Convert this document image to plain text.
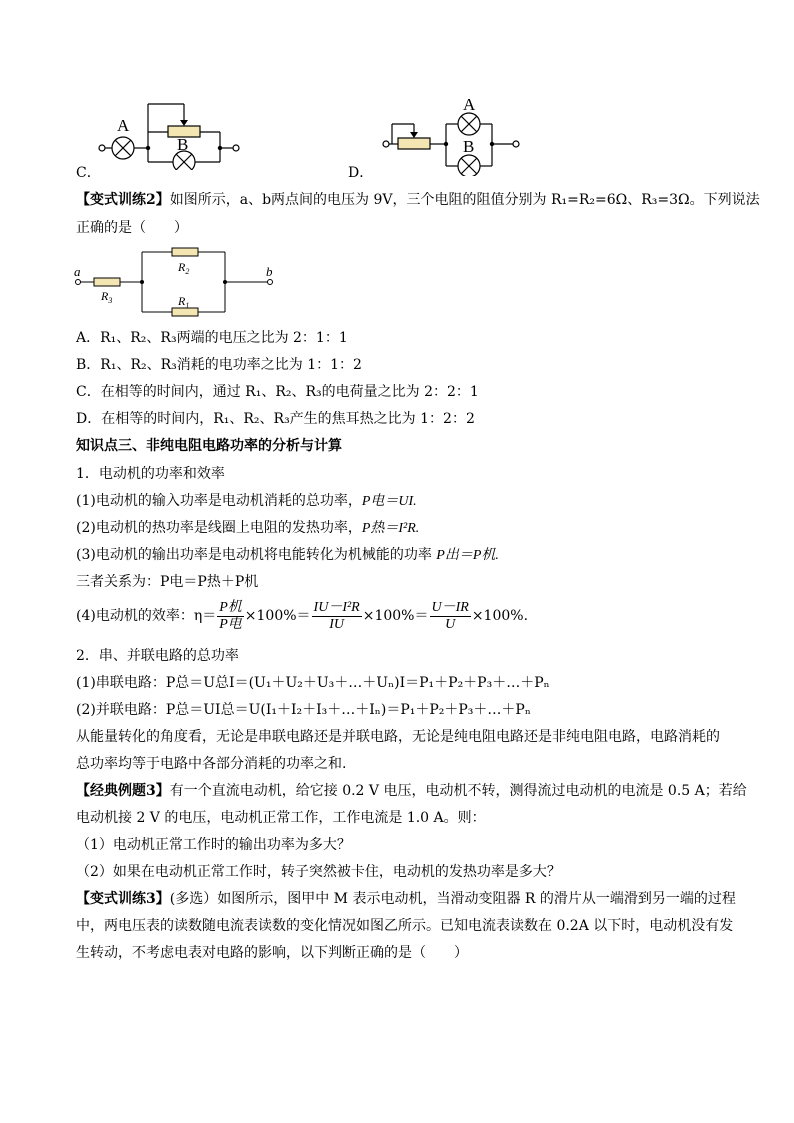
A
B
C．
A
B
D．
【变式训练2】如图所示，a、b两点间的电压为 9V，三个电阻的阻值分别为 R₁=R₂=6Ω、R₃=3Ω。下列说法
正确的是（　　）
a	b
$R_3$
$R_2$
$R_1$
A．R₁、R₂、R₃两端的电压之比为 2：1：1
B．R₁、R₂、R₃消耗的电功率之比为 1：1：2
C．在相等的时间内，通过 R₁、R₂、R₃的电荷量之比为 2：2：1
D．在相等的时间内，R₁、R₂、R₃产生的焦耳热之比为 1：2：2
知识点三、非纯电阻电路功率的分析与计算
1．电动机的功率和效率
(1)电动机的输入功率是电动机消耗的总功率，P电＝UI.
(2)电动机的热功率是线圈上电阻的发热功率，P热＝I²R.
(3)电动机的输出功率是电动机将电能转化为机械能的功率 P出＝P机.
三者关系为：P电＝P热＋P机
(4)电动机的效率：$\eta= \frac{\text{P机}}{\text{P电}} \times 100\%= \frac{\text{IU－I²R}}{IU} \times 100\%= \frac{U-IR}{U} \times 100\%$.
2．串、并联电路的总功率
(1)串联电路：P总＝U总I＝(U₁＋U₂＋U₃＋…＋Uₙ)I＝P₁＋P₂＋P₃＋…＋Pₙ
(2)并联电路：P总＝UI总＝U(I₁＋I₂＋I₃＋…＋Iₙ)＝P₁＋P₂＋P₃＋…＋Pₙ
从能量转化的角度看，无论是串联电路还是并联电路，无论是纯电阻电路还是非纯电阻电路，电路消耗的
总功率均等于电路中各部分消耗的功率之和.
【经典例题3】有一个直流电动机，给它接 0.2 V 电压，电动机不转，测得流过电动机的电流是 0.5 A；若给
电动机接 2 V 的电压，电动机正常工作，工作电流是 1.0 A。则：
（1）电动机正常工作时的输出功率为多大？
（2）如果在电动机正常工作时，转子突然被卡住，电动机的发热功率是多大？
【变式训练3】(多选）如图所示，图甲中 M 表示电动机，当滑动变阻器 R 的滑片从一端滑到另一端的过程
中，两电压表的读数随电流表读数的变化情况如图乙所示。已知电流表读数在 0.2A 以下时，电动机没有发
生转动，不考虑电表对电路的影响，以下判断正确的是（　　）
